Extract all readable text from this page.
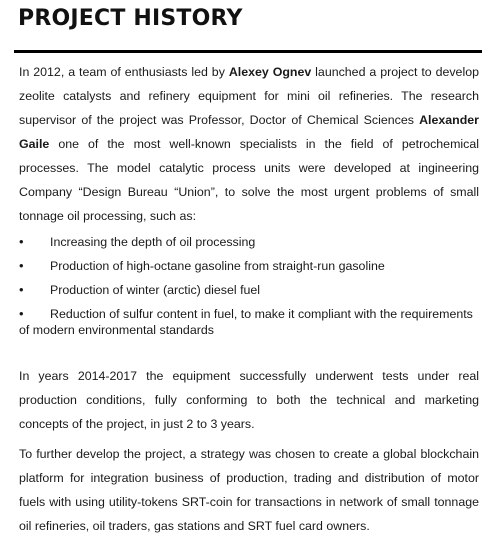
PROJECT HISTORY

In 2012, a team of enthusiasts led by Alexey Ognev launched a project to develop zeolite catalysts and refinery equipment for mini oil refineries. The research supervisor of the project was Professor, Doctor of Chemical Sciences Alexander Gaile one of the most well-known specialists in the field of petrochemical processes. The model catalytic process units were developed at ingineering Company “Design Bureau “Union”, to solve the most urgent problems of small tonnage oil processing, such as:

• Increasing the depth of oil processing
• Production of high-octane gasoline from straight-run gasoline
• Production of winter (arctic) diesel fuel
• Reduction of sulfur content in fuel, to make it compliant with the requirements of modern environmental standards

In years 2014-2017 the equipment successfully underwent tests under real production conditions, fully conforming to both the technical and marketing concepts of the project, in just 2 to 3 years.

To further develop the project, a strategy was chosen to create a global blockchain platform for integration business of production, trading and distribution of motor fuels with using utility-tokens SRT-coin for transactions in network of small tonnage oil refineries, oil traders, gas stations and SRT fuel card owners.
